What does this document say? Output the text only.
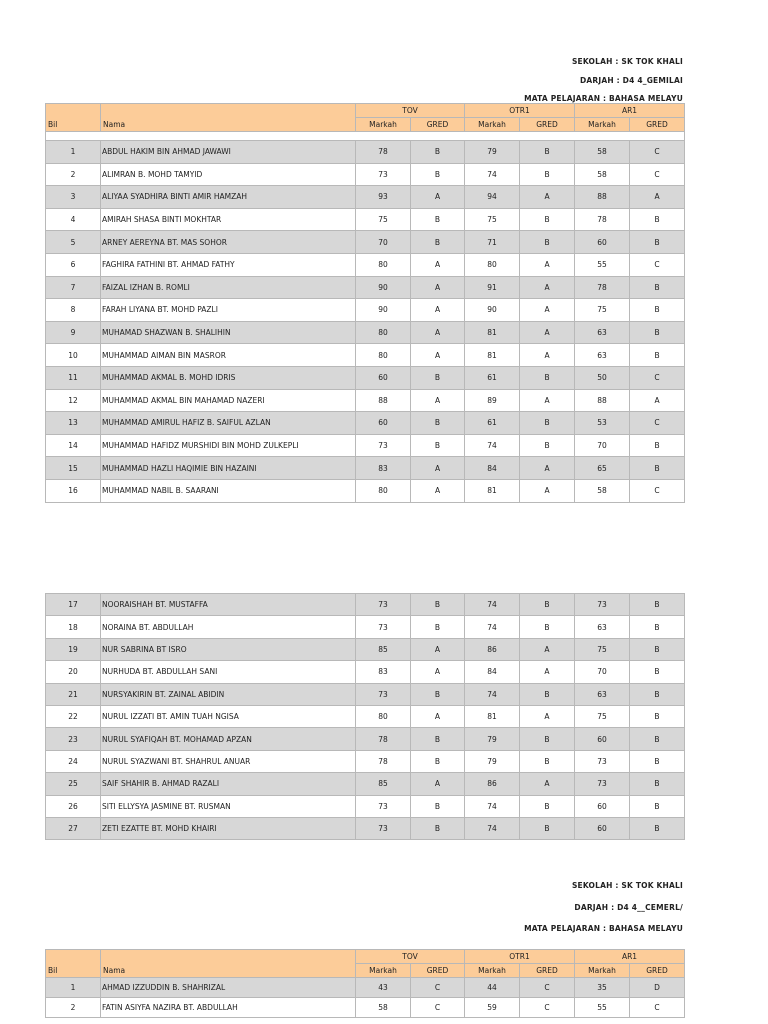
SEKOLAH : SK TOK KHALI
DARJAH : D4 4_GEMILAI
MATA PELAJARAN : BAHASA MELAYU
		TOV		OTR1		AR1	
Bil	Nama	Markah	GRED	Markah	GRED	Markah	GRED

1	ABDUL HAKIM BIN AHMAD JAWAWI	78	B	79	B	58	C
2	ALIMRAN B. MOHD TAMYID	73	B	74	B	58	C
3	ALIYAA SYADHIRA BINTI AMIR HAMZAH	93	A	94	A	88	A
4	AMIRAH SHASA BINTI MOKHTAR	75	B	75	B	78	B
5	ARNEY AEREYNA BT. MAS SOHOR	70	B	71	B	60	B
6	FAGHIRA FATHINI BT. AHMAD FATHY	80	A	80	A	55	C
7	FAIZAL IZHAN B. ROMLI	90	A	91	A	78	B
8	FARAH LIYANA BT. MOHD PAZLI	90	A	90	A	75	B
9	MUHAMAD SHAZWAN B. SHALIHIN	80	A	81	A	63	B
10	MUHAMMAD AIMAN BIN MASROR	80	A	81	A	63	B
11	MUHAMMAD AKMAL B. MOHD IDRIS	60	B	61	B	50	C
12	MUHAMMAD AKMAL BIN MAHAMAD NAZERI	88	A	89	A	88	A
13	MUHAMMAD AMIRUL HAFIZ B. SAIFUL AZLAN	60	B	61	B	53	C
14	MUHAMMAD HAFIDZ MURSHIDI BIN MOHD ZULKEPLI	73	B	74	B	70	B
15	MUHAMMAD HAZLI HAQIMIE BIN HAZAINI	83	A	84	A	65	B
16	MUHAMMAD NABIL B. SAARANI	80	A	81	A	58	C
17	NOORAISHAH BT. MUSTAFFA	73	B	74	B	73	B
18	NORAINA BT. ABDULLAH	73	B	74	B	63	B
19	NUR SABRINA BT ISRO	85	A	86	A	75	B
20	NURHUDA BT. ABDULLAH SANI	83	A	84	A	70	B
21	NURSYAKIRIN BT. ZAINAL ABIDIN	73	B	74	B	63	B
22	NURUL IZZATI BT. AMIN TUAH NGISA	80	A	81	A	75	B
23	NURUL SYAFIQAH BT. MOHAMAD APZAN	78	B	79	B	60	B
24	NURUL SYAZWANI BT. SHAHRUL ANUAR	78	B	79	B	73	B
25	SAIF SHAHIR B. AHMAD RAZALI	85	A	86	A	73	B
26	SITI ELLYSYA JASMINE BT. RUSMAN	73	B	74	B	60	B
27	ZETI EZATTE BT. MOHD KHAIRI	73	B	74	B	60	B
SEKOLAH : SK TOK KHALI
DARJAH : D4 4__CEMERL/
MATA PELAJARAN : BAHASA MELAYU
		TOV		OTR1		AR1	
Bil	Nama	Markah	GRED	Markah	GRED	Markah	GRED
1	AHMAD IZZUDDIN B. SHAHRIZAL	43	C	44	C	35	D
2	FATIN ASIYFA NAZIRA BT. ABDULLAH	58	C	59	C	55	C
